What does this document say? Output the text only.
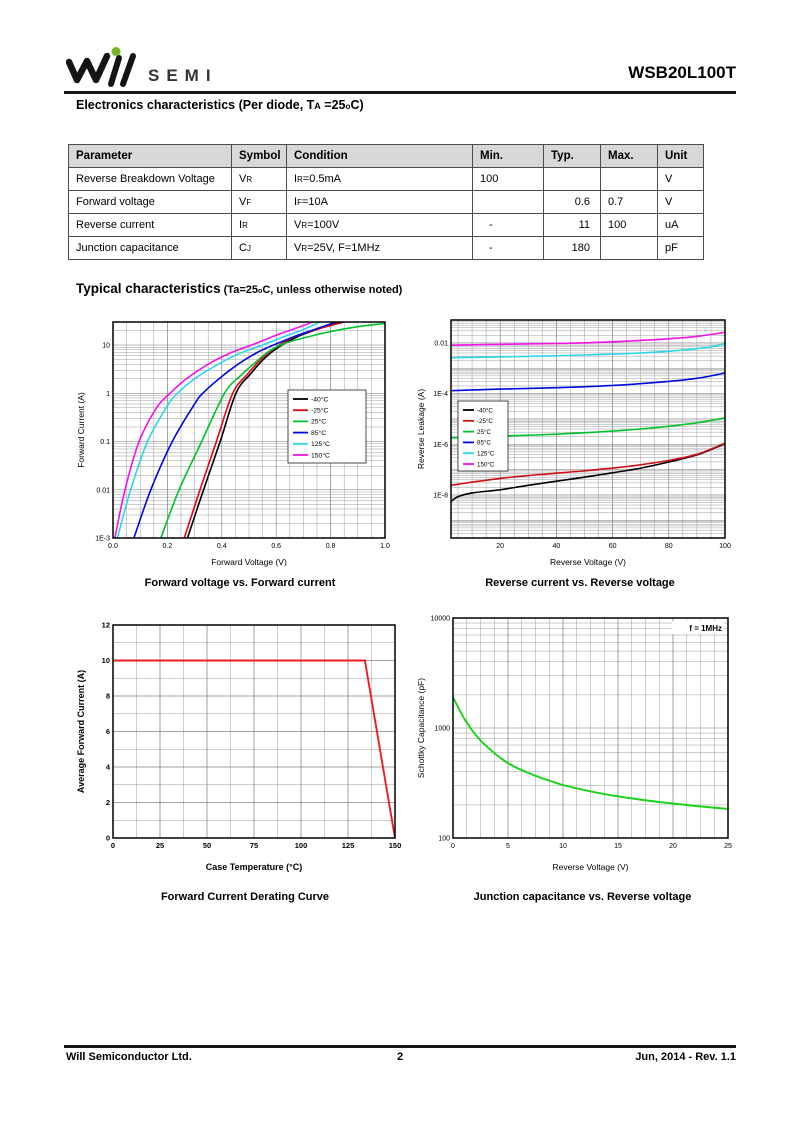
SEMI	WSB20L100T
Electronics characteristics (Per diode, $T_A =25^oC$)
Parameter	Symbol	Condition	Min.	Typ.	Max.	Unit
Reverse Breakdown Voltage	$V_R$	$I_R=0.5mA$	100			V
Forward voltage	$V_F$	$I_F=10A$		0.6	0.7	V
Reverse current	$I_R$	$V_R=100V$	-	11	100	uA
Junction capacitance	$C_J$	$V_R=25V$, F=1MHz	-	180		pF
Typical characteristics ($Ta=25^oC$, unless otherwise noted)
0.0	0.2	0.4	0.6	0.8	1.0
1E-3
0.01
0.1
1
10
Forward Voltage (V)
Forward Current (A)	-40°C
-25°C
25°C
85°C
125°C
150°C
20	40	60	80	100
0.01
1E-4
1E-6
1E-8
Reverse Voltage (V)
Reverse Leakage (A)	-40°C
-25°C
25°C
85°C
125°C
150°C
Forward voltage vs. Forward current	Reverse current vs. Reverse voltage
0	25	50	75	100	125	150
0
2
4
6
8
10
12
Case Temperature (°C)
Average Forward Current (A)
0	5	10	15	20	25
100
1000
10000
Reverse Voltage (V)
Schottky Capacitance (pF)
f = 1MHz
Forward Current Derating Curve	Junction capacitance vs. Reverse voltage
Will Semiconductor Ltd.	2	Jun, 2014 - Rev. 1.1
